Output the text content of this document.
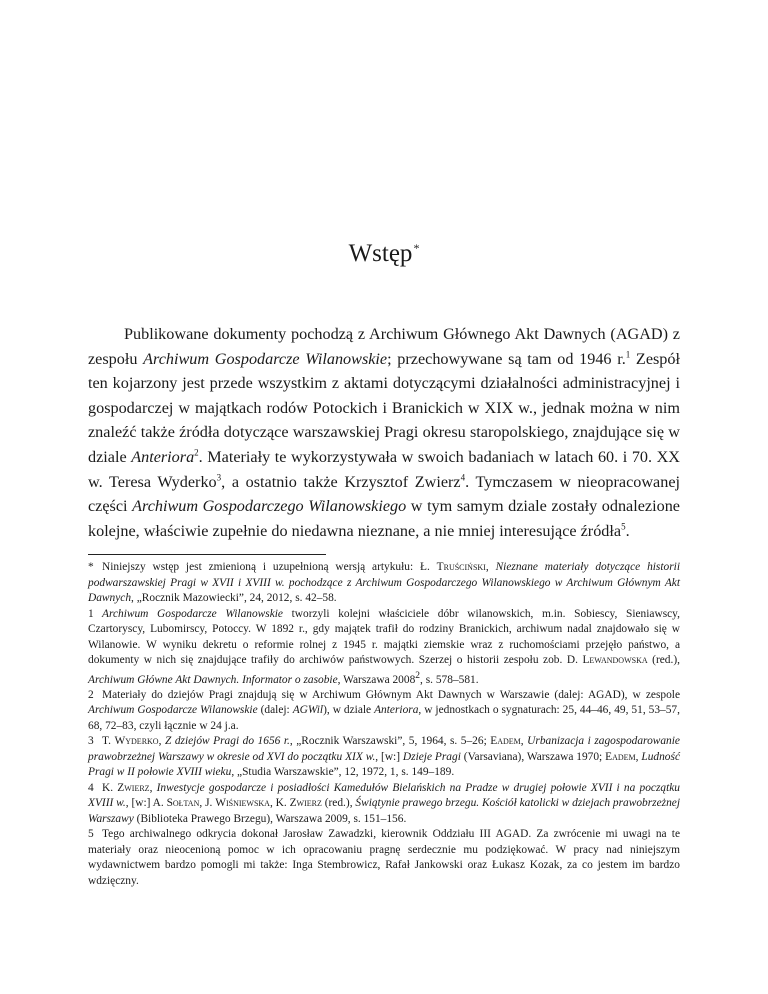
Wstęp*

Publikowane dokumenty pochodzą z Archiwum Głównego Akt Dawnych (AGAD) z zespołu Archiwum Gospodarcze Wilanowskie; przechowywane są tam od 1946 r.$^1$ Zespół ten kojarzony jest przede wszystkim z aktami dotyczącymi działalności administracyjnej i gospodarczej w majątkach rodów Potockich i Branickich w XIX w., jednak można w nim znaleźć także źródła dotyczące warszawskiej Pragi okresu staropolskiego, znajdujące się w dziale Anteriora$^2$. Materiały te wykorzystywała w swoich badaniach w latach 60. i 70. XX w. Teresa Wyderko$^3$, a ostatnio także Krzysztof Zwierz$^4$. Tymczasem w nieopracowanej części Archiwum Gospodarczego Wilanowskiego w tym samym dziale zostały odnalezione kolejne, właściwie zupełnie do niedawna nieznane, a nie mniej interesujące źródła$^5$.

* Niniejszy wstęp jest zmienioną i uzupełnioną wersją artykułu: Ł. Truściński, Nieznane materiały dotyczące historii podwarszawskiej Pragi w XVII i XVIII w. pochodzące z Archiwum Gospodarczego Wilanowskiego w Archiwum Głównym Akt Dawnych, „Rocznik Mazowiecki”, 24, 2012, s. 42–58.
1 Archiwum Gospodarcze Wilanowskie tworzyli kolejni właściciele dóbr wilanowskich, m.in. Sobiescy, Sieniawscy, Czartoryscy, Lubomirscy, Potoccy. W 1892 r., gdy majątek trafił do rodziny Branickich, archiwum nadal znajdowało się w Wilanowie. W wyniku dekretu o reformie rolnej z 1945 r. majątki ziemskie wraz z ruchomościami przejęło państwo, a dokumenty w nich się znajdujące trafiły do archiwów państwowych. Szerzej o historii zespołu zob. D. Lewandowska (red.), Archiwum Główne Akt Dawnych. Informator o zasobie, Warszawa 2008$^2$, s. 578–581.
2 Materiały do dziejów Pragi znajdują się w Archiwum Głównym Akt Dawnych w Warszawie (dalej: AGAD), w zespole Archiwum Gospodarcze Wilanowskie (dalej: AGWil), w dziale Anteriora, w jednostkach o sygnaturach: 25, 44–46, 49, 51, 53–57, 68, 72–83, czyli łącznie w 24 j.a.
3 T. Wyderko, Z dziejów Pragi do 1656 r., „Rocznik Warszawski”, 5, 1964, s. 5–26; Eadem, Urbanizacja i zagospodarowanie prawobrzeżnej Warszawy w okresie od XVI do początku XIX w., [w:] Dzieje Pragi (Varsaviana), Warszawa 1970; Eadem, Ludność Pragi w II połowie XVIII wieku, „Studia Warszawskie”, 12, 1972, 1, s. 149–189.
4 K. Zwierz, Inwestycje gospodarcze i posiadłości Kamedułów Bielańskich na Pradze w drugiej połowie XVII i na początku XVIII w., [w:] A. Sołtan, J. Wiśniewska, K. Zwierz (red.), Świątynie prawego brzegu. Kościół katolicki w dziejach prawobrzeżnej Warszawy (Biblioteka Prawego Brzegu), Warszawa 2009, s. 151–156.
5 Tego archiwalnego odkrycia dokonał Jarosław Zawadzki, kierownik Oddziału III AGAD. Za zwrócenie mi uwagi na te materiały oraz nieocenioną pomoc w ich opracowaniu pragnę serdecznie mu podziękować. W pracy nad niniejszym wydawnictwem bardzo pomogli mi także: Inga Stembrowicz, Rafał Jankowski oraz Łukasz Kozak, za co jestem im bardzo wdzięczny.
